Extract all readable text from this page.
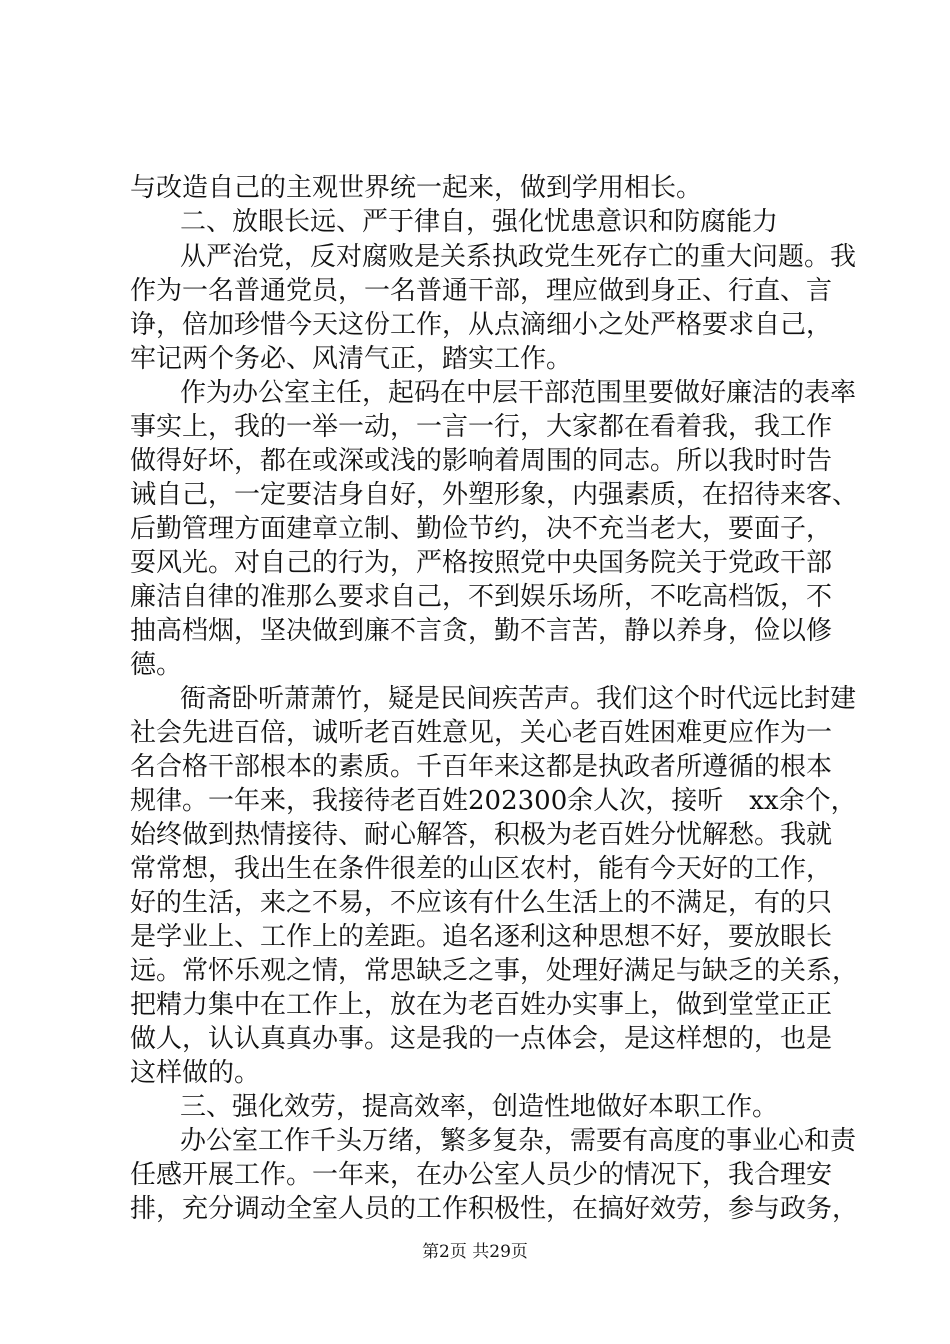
与改造自己的主观世界统一起来，做到学用相长。
二、放眼长远、严于律自，强化忧患意识和防腐能力
从严治党，反对腐败是关系执政党生死存亡的重大问题。我
作为一名普通党员，一名普通干部，理应做到身正、行直、言
诤，倍加珍惜今天这份工作，从点滴细小之处严格要求自己，
牢记两个务必、风清气正，踏实工作。
作为办公室主任，起码在中层干部范围里要做好廉洁的表率
事实上，我的一举一动，一言一行，大家都在看着我，我工作
做得好坏，都在或深或浅的影响着周围的同志。所以我时时告
诫自己，一定要洁身自好，外塑形象，内强素质，在招待来客、
后勤管理方面建章立制、勤俭节约，决不充当老大，要面子，
耍风光。对自己的行为，严格按照党中央国务院关于党政干部
廉洁自律的准那么要求自己，不到娱乐场所，不吃高档饭，不
抽高档烟，坚决做到廉不言贪，勤不言苦，静以养身，俭以修
德。
衙斋卧听萧萧竹，疑是民间疾苦声。我们这个时代远比封建
社会先进百倍，诚听老百姓意见，关心老百姓困难更应作为一
名合格干部根本的素质。千百年来这都是执政者所遵循的根本
规律。一年来，我接待老百姓202300余人次，接听　xx余个，
始终做到热情接待、耐心解答，积极为老百姓分忧解愁。我就
常常想，我出生在条件很差的山区农村，能有今天好的工作，
好的生活，来之不易，不应该有什么生活上的不满足，有的只
是学业上、工作上的差距。追名逐利这种思想不好，要放眼长
远。常怀乐观之情，常思缺乏之事，处理好满足与缺乏的关系，
把精力集中在工作上，放在为老百姓办实事上，做到堂堂正正
做人，认认真真办事。这是我的一点体会，是这样想的，也是
这样做的。
三、强化效劳，提高效率，创造性地做好本职工作。
办公室工作千头万绪，繁多复杂，需要有高度的事业心和责
任感开展工作。一年来，在办公室人员少的情况下，我合理安
排，充分调动全室人员的工作积极性，在搞好效劳，参与政务，
第2页 共29页
